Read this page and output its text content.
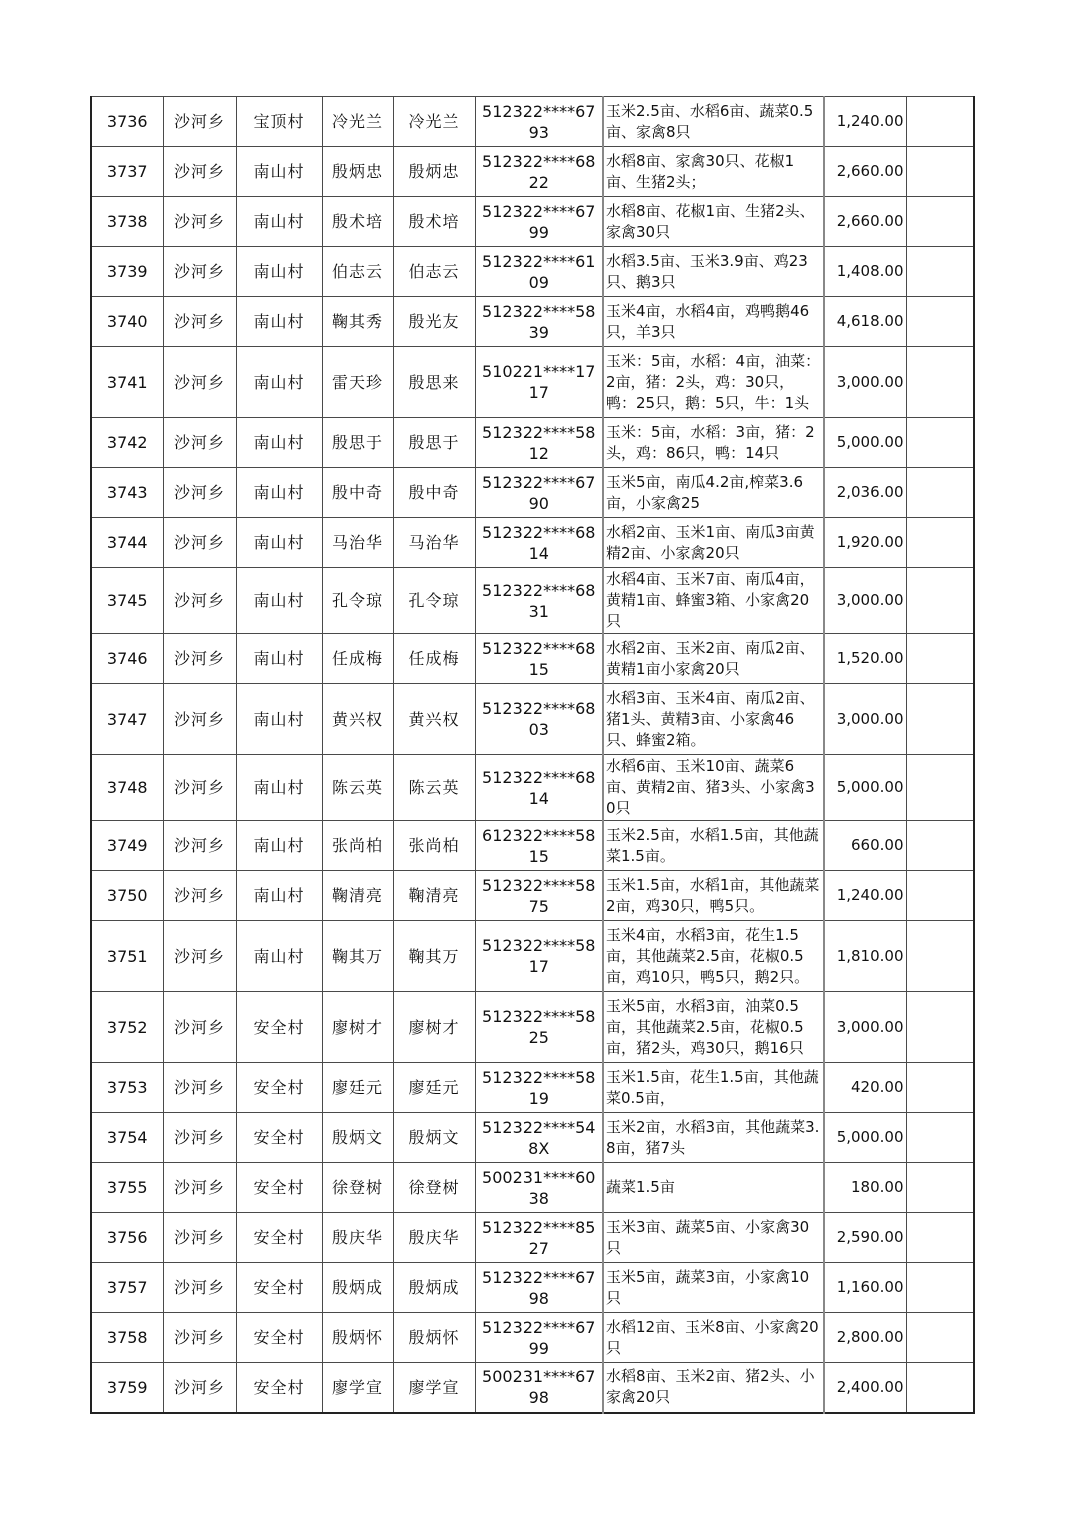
3736	沙河乡	宝顶村	冷光兰	冷光兰	512322****6793	玉米2.5亩、水稻6亩、蔬菜0.5亩、家禽8只	1,240.00	
3737	沙河乡	南山村	殷炳忠	殷炳忠	512322****6822	水稻8亩、家禽30只、花椒1亩、生猪2头；	2,660.00	
3738	沙河乡	南山村	殷术培	殷术培	512322****6799	水稻8亩、花椒1亩、生猪2头、家禽30只	2,660.00	
3739	沙河乡	南山村	伯志云	伯志云	512322****6109	水稻3.5亩、玉米3.9亩、鸡23只、鹅3只	1,408.00	
3740	沙河乡	南山村	鞠其秀	殷光友	512322****5839	玉米4亩，水稻4亩，鸡鸭鹅46只，羊3只	4,618.00	
3741	沙河乡	南山村	雷天珍	殷思来	510221****1717	玉米：5亩，水稻：4亩，油菜：2亩，猪：2头，鸡：30只，鸭：25只，鹅：5只，牛：1头	3,000.00	
3742	沙河乡	南山村	殷思于	殷思于	512322****5812	玉米：5亩，水稻：3亩，猪：2头，鸡：86只，鸭：14只	5,000.00	
3743	沙河乡	南山村	殷中奇	殷中奇	512322****6790	玉米5亩，南瓜4.2亩,榨菜3.6亩，小家禽25	2,036.00	
3744	沙河乡	南山村	马治华	马治华	512322****6814	水稻2亩、玉米1亩、南瓜3亩黄精2亩、小家禽20只	1,920.00	
3745	沙河乡	南山村	孔令琼	孔令琼	512322****6831	水稻4亩、玉米7亩、南瓜4亩，黄精1亩、蜂蜜3箱、小家禽20只	3,000.00	
3746	沙河乡	南山村	任成梅	任成梅	512322****6815	水稻2亩、玉米2亩、南瓜2亩、黄精1亩小家禽20只	1,520.00	
3747	沙河乡	南山村	黄兴权	黄兴权	512322****6803	水稻3亩、玉米4亩、南瓜2亩、猪1头、黄精3亩、小家禽46只、蜂蜜2箱。	3,000.00	
3748	沙河乡	南山村	陈云英	陈云英	512322****6814	水稻6亩、玉米10亩、蔬菜6亩、黄精2亩、猪3头、小家禽30只	5,000.00	
3749	沙河乡	南山村	张尚柏	张尚柏	612322****5815	玉米2.5亩，水稻1.5亩，其他蔬菜1.5亩。	660.00	
3750	沙河乡	南山村	鞠清亮	鞠清亮	512322****5875	玉米1.5亩，水稻1亩，其他蔬菜2亩，鸡30只，鸭5只。	1,240.00	
3751	沙河乡	南山村	鞠其万	鞠其万	512322****5817	玉米4亩，水稻3亩，花生1.5亩，其他蔬菜2.5亩，花椒0.5亩，鸡10只，鸭5只，鹅2只。	1,810.00	
3752	沙河乡	安全村	廖树才	廖树才	512322****5825	玉米5亩，水稻3亩，油菜0.5亩，其他蔬菜2.5亩，花椒0.5亩，猪2头，鸡30只，鹅16只	3,000.00	
3753	沙河乡	安全村	廖廷元	廖廷元	512322****5819	玉米1.5亩，花生1.5亩，其他蔬菜0.5亩，	420.00	
3754	沙河乡	安全村	殷炳文	殷炳文	512322****548X	玉米2亩，水稻3亩，其他蔬菜3.8亩，猪7头	5,000.00	
3755	沙河乡	安全村	徐登树	徐登树	500231****6038	蔬菜1.5亩	180.00	
3756	沙河乡	安全村	殷庆华	殷庆华	512322****8527	玉米3亩、蔬菜5亩、小家禽30只	2,590.00	
3757	沙河乡	安全村	殷炳成	殷炳成	512322****6798	玉米5亩，蔬菜3亩，小家禽10只	1,160.00	
3758	沙河乡	安全村	殷炳怀	殷炳怀	512322****6799	水稻12亩、玉米8亩、小家禽20只	2,800.00	
3759	沙河乡	安全村	廖学宣	廖学宣	500231****6798	水稻8亩、玉米2亩、猪2头、小家禽20只	2,400.00	
